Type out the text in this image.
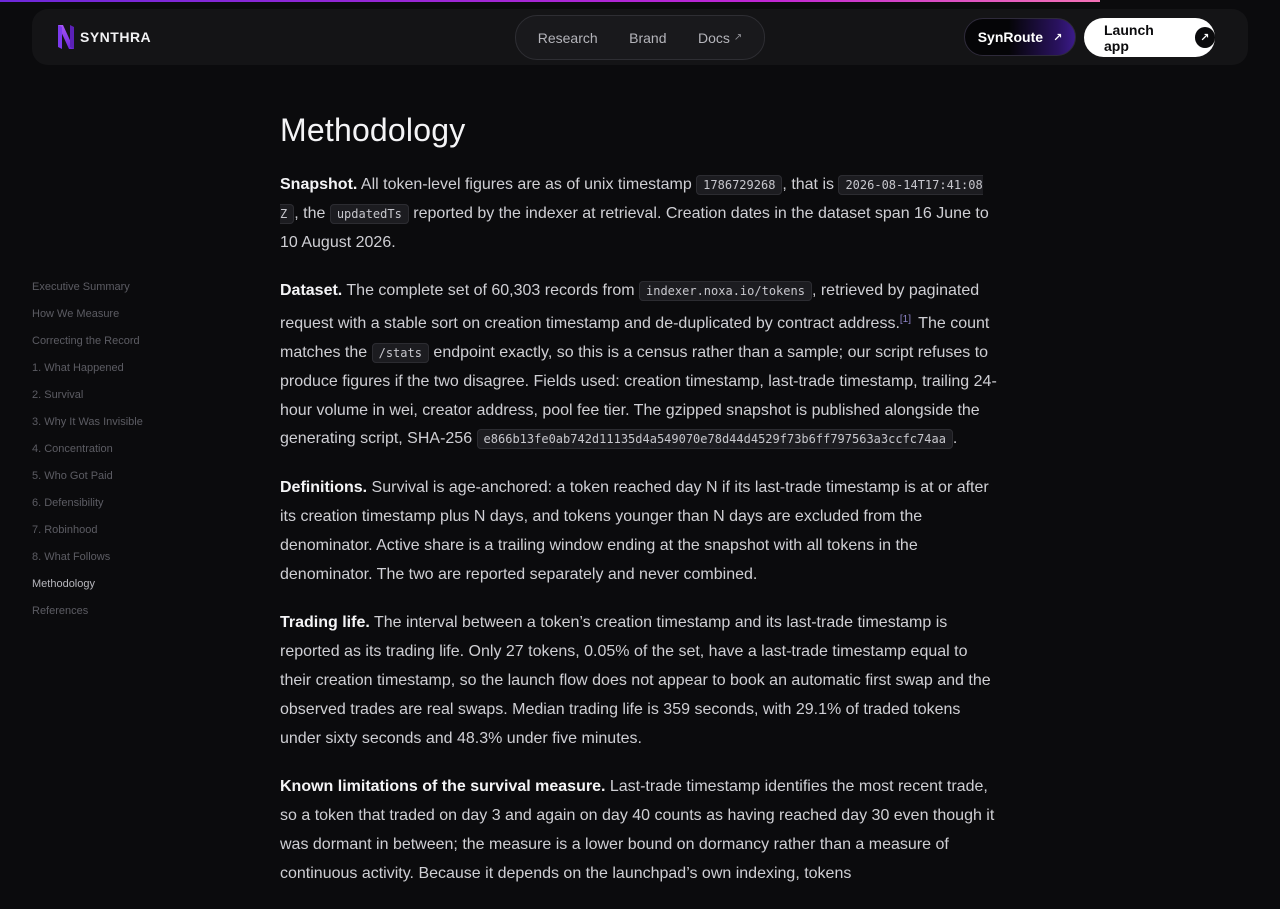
SYNTHRA	Research Brand Docs ↗	SynRoute ↗	Launch app	↗
Executive Summary
How We Measure
Correcting the Record
1. What Happened
2. Survival
3. Why It Was Invisible
4. Concentration
5. Who Got Paid
6. Defensibility
7. Robinhood
8. What Follows
Methodology
References
Methodology

Snapshot. All token-level figures are as of unix timestamp 1786729268 , that is 2026-08-14T17:41:08Z , the updatedTs reported by the indexer at retrieval. Creation dates in the dataset span 16 June to 10 August 2026.

Dataset. The complete set of 60,303 records from indexer.noxa.io/tokens , retrieved by paginated request with a stable sort on creation timestamp and de-duplicated by contract address.[1] The count matches the /stats endpoint exactly, so this is a census rather than a sample; our script refuses to produce figures if the two disagree. Fields used: creation timestamp, last-trade timestamp, trailing 24-hour volume in wei, creator address, pool fee tier. The gzipped snapshot is published alongside the generating script, SHA-256 e866b13fe0ab742d11135d4a549070e78d44d4529f73b6ff797563a3ccfc74aa .

Definitions. Survival is age-anchored: a token reached day N if its last-trade timestamp is at or after its creation timestamp plus N days, and tokens younger than N days are excluded from the denominator. Active share is a trailing window ending at the snapshot with all tokens in the denominator. The two are reported separately and never combined.

Trading life. The interval between a token’s creation timestamp and its last-trade timestamp is reported as its trading life. Only 27 tokens, 0.05% of the set, have a last-trade timestamp equal to their creation timestamp, so the launch flow does not appear to book an automatic first swap and the observed trades are real swaps. Median trading life is 359 seconds, with 29.1% of traded tokens under sixty seconds and 48.3% under five minutes.

Known limitations of the survival measure. Last-trade timestamp identifies the most recent trade, so a token that traded on day 3 and again on day 40 counts as having reached day 30 even though it was dormant in between; the measure is a lower bound on dormancy rather than a measure of continuous activity. Because it depends on the launchpad’s own indexing, tokens
